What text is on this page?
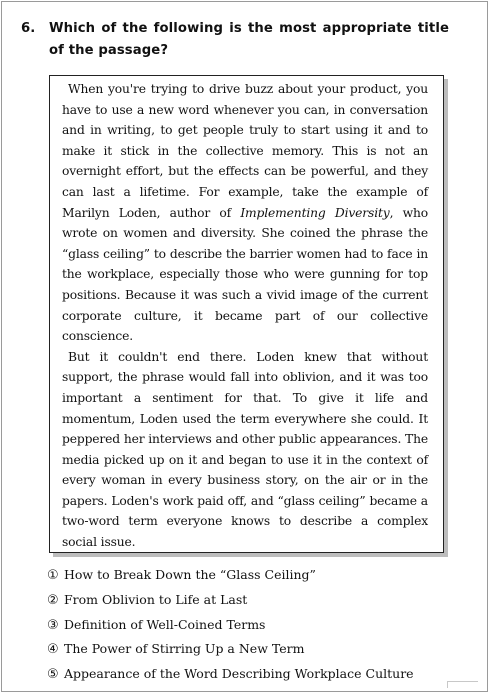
6. Which of the following is the most appropriate title of the passage?

When you're trying to drive buzz about your product, you have to use a new word whenever you can, in conversation and in writing, to get people truly to start using it and to make it stick in the collective memory. This is not an overnight effort, but the effects can be powerful, and they can last a lifetime. For example, take the example of Marilyn Loden, author of Implementing Diversity, who wrote on women and diversity. She coined the phrase the “glass ceiling” to describe the barrier women had to face in the workplace, especially those who were gunning for top positions. Because it was such a vivid image of the current corporate culture, it became part of our collective conscience.

But it couldn't end there. Loden knew that without support, the phrase would fall into oblivion, and it was too important a sentiment for that. To give it life and momentum, Loden used the term everywhere she could. It peppered her interviews and other public appearances. The media picked up on it and began to use it in the context of every woman in every business story, on the air or in the papers. Loden's work paid off, and “glass ceiling” became a two-word term everyone knows to describe a complex social issue.

① How to Break Down the “Glass Ceiling”
② From Oblivion to Life at Last
③ Definition of Well-Coined Terms
④ The Power of Stirring Up a New Term
⑤ Appearance of the Word Describing Workplace Culture
